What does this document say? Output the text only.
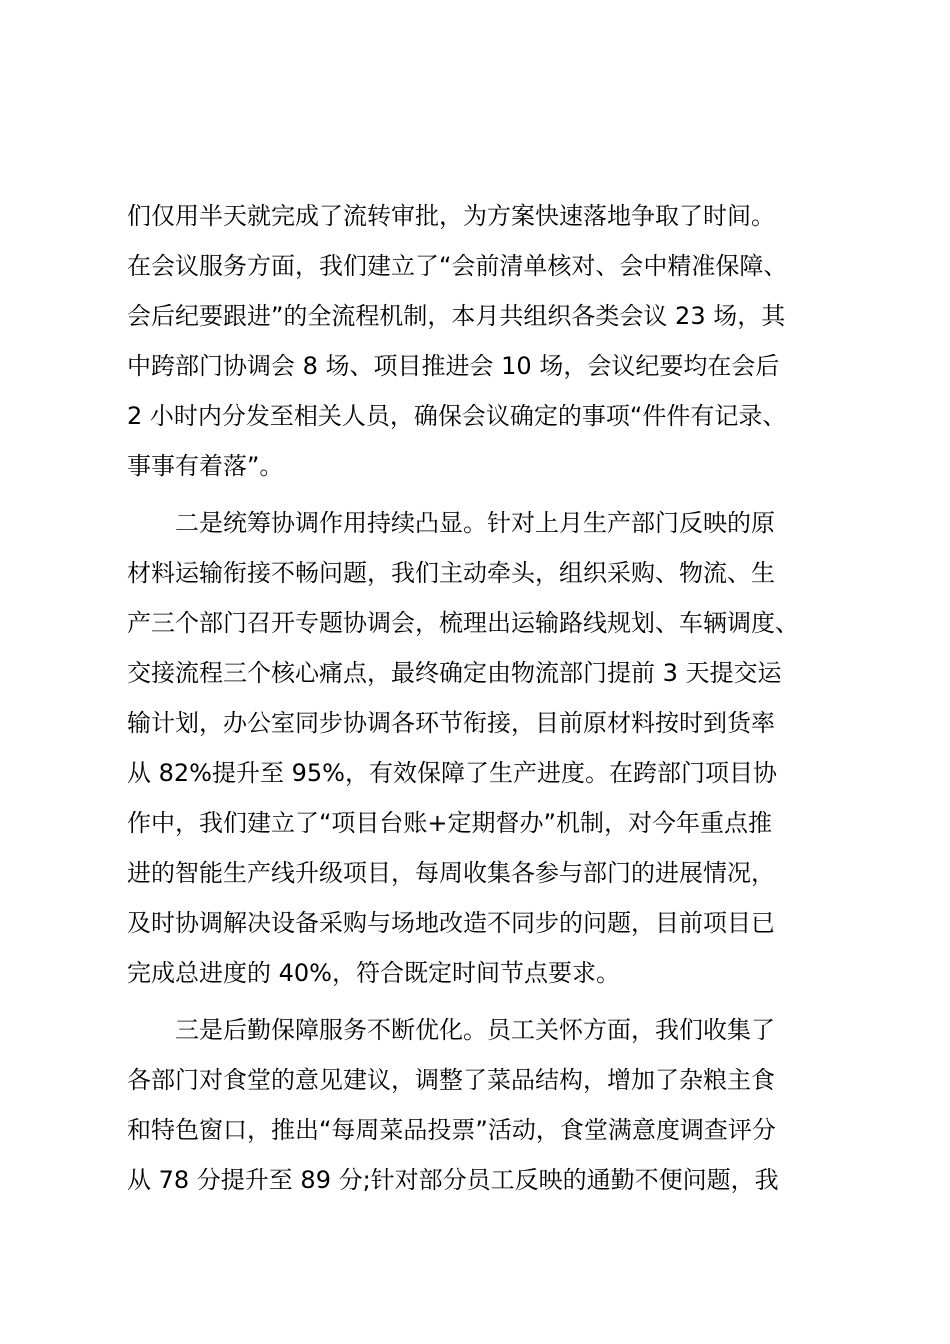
们仅用半天就完成了流转审批，为方案快速落地争取了时间。
在会议服务方面，我们建立了“会前清单核对、会中精准保障、
会后纪要跟进”的全流程机制，本月共组织各类会议 23 场，其
中跨部门协调会 8 场、项目推进会 10 场，会议纪要均在会后
2 小时内分发至相关人员，确保会议确定的事项“件件有记录、
事事有着落”。
二是统筹协调作用持续凸显。针对上月生产部门反映的原
材料运输衔接不畅问题，我们主动牵头，组织采购、物流、生
产三个部门召开专题协调会，梳理出运输路线规划、车辆调度、
交接流程三个核心痛点，最终确定由物流部门提前 3 天提交运
输计划，办公室同步协调各环节衔接，目前原材料按时到货率
从 82%提升至 95%，有效保障了生产进度。在跨部门项目协
作中，我们建立了“项目台账+定期督办”机制，对今年重点推
进的智能生产线升级项目，每周收集各参与部门的进展情况，
及时协调解决设备采购与场地改造不同步的问题，目前项目已
完成总进度的 40%，符合既定时间节点要求。
三是后勤保障服务不断优化。员工关怀方面，我们收集了
各部门对食堂的意见建议，调整了菜品结构，增加了杂粮主食
和特色窗口，推出“每周菜品投票”活动，食堂满意度调查评分
从 78 分提升至 89 分;针对部分员工反映的通勤不便问题，我
